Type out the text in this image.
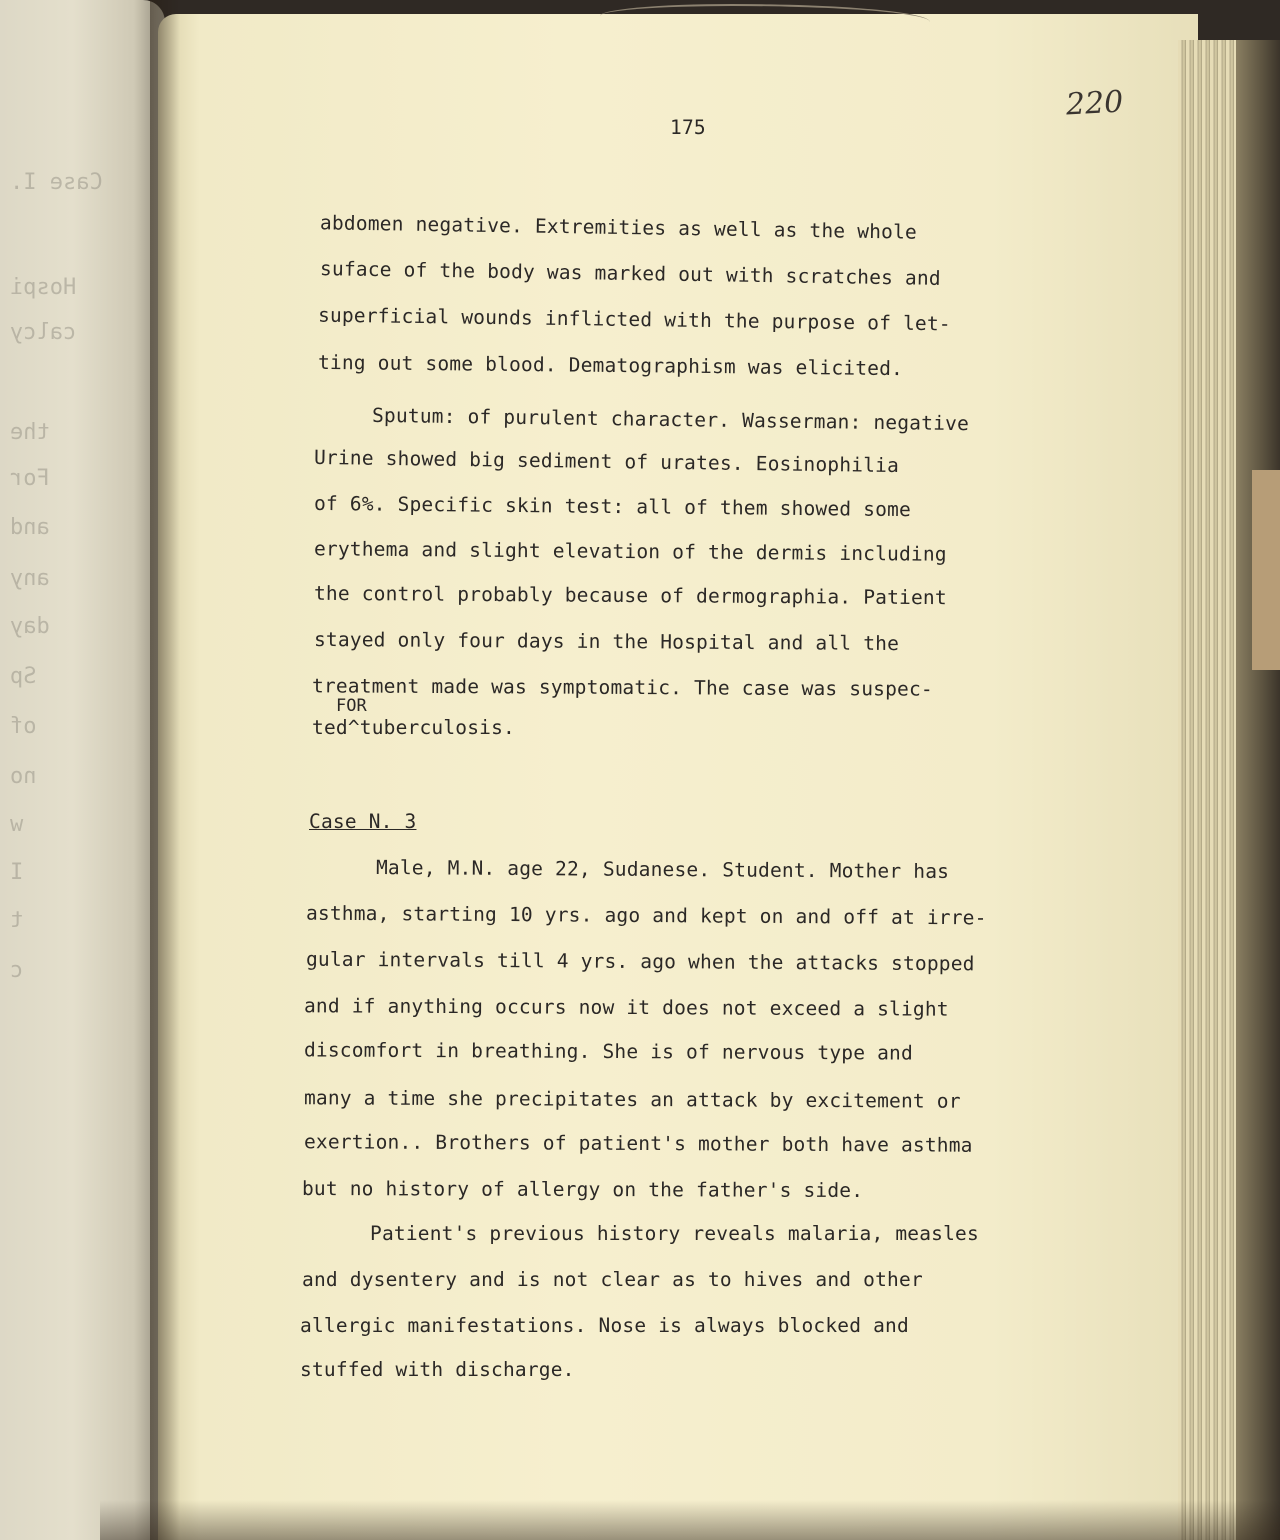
Case I.
Hospi
calcy
the
For
and
any
day
Sp
of
no
w
I
t
c
175
220
abdomen negative. Extremities as well as the whole
suface of the body was marked out with scratches and
superficial wounds inflicted with the purpose of let-
ting out some blood. Dematographism was elicited.
Sputum: of purulent character. Wasserman: negative
Urine showed big sediment of urates. Eosinophilia
of 6%. Specific skin test: all of them showed some
erythema and slight elevation of the dermis including
the control probably because of dermographia. Patient
stayed only four days in the Hospital and all the
treatment made was symptomatic. The case was suspec-
FOR
ted^tuberculosis.
Case N. 3
Male, M.N. age 22, Sudanese. Student. Mother has
asthma, starting 10 yrs. ago and kept on and off at irre-
gular intervals till 4 yrs. ago when the attacks stopped
and if anything occurs now it does not exceed a slight
discomfort in breathing. She is of nervous type and
many a time she precipitates an attack by excitement or
exertion.. Brothers of patient's mother both have asthma
but no history of allergy on the father's side.
Patient's previous history reveals malaria, measles
and dysentery and is not clear as to hives and other
allergic manifestations. Nose is always blocked and
stuffed with discharge.
